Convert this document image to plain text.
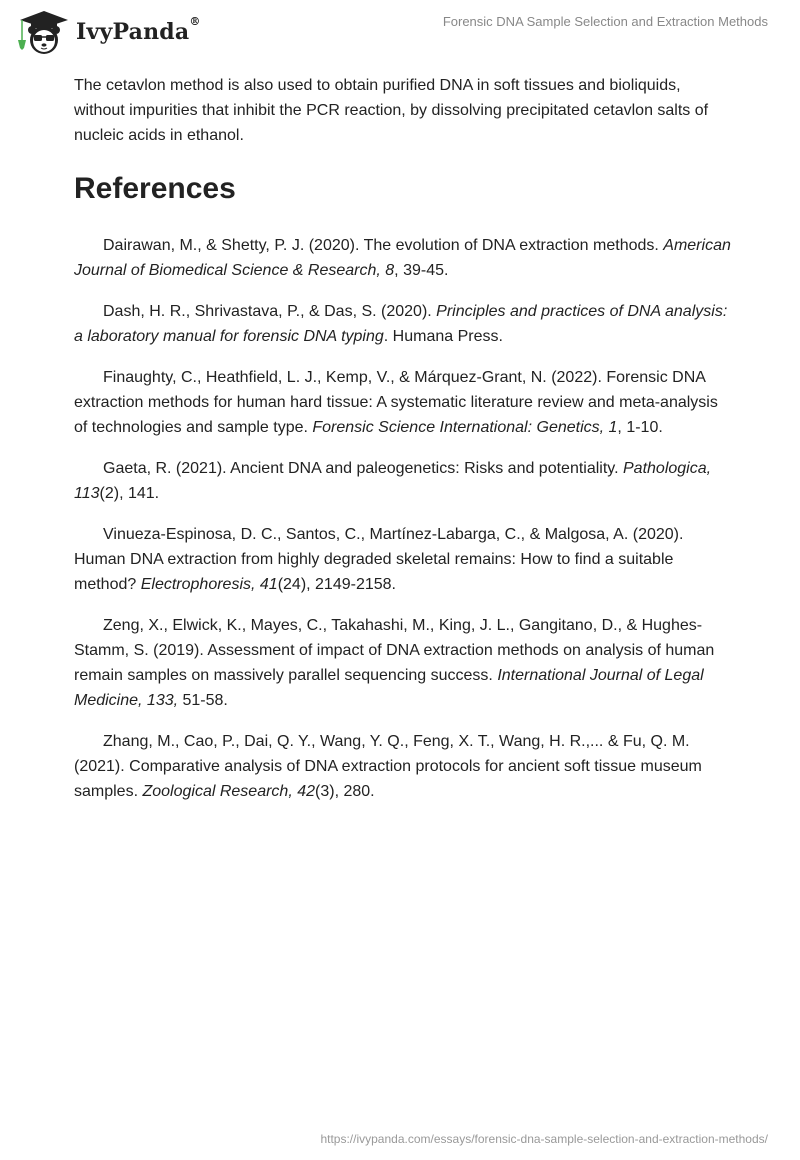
IvyPanda®	Forensic DNA Sample Selection and Extraction Methods

The cetavlon method is also used to obtain purified DNA in soft tissues and bioliquids, without impurities that inhibit the PCR reaction, by dissolving precipitated cetavlon salts of nucleic acids in ethanol.

References

Dairawan, M., & Shetty, P. J. (2020). The evolution of DNA extraction methods. American Journal of Biomedical Science & Research, 8, 39-45.

Dash, H. R., Shrivastava, P., & Das, S. (2020). Principles and practices of DNA analysis: a laboratory manual for forensic DNA typing. Humana Press.

Finaughty, C., Heathfield, L. J., Kemp, V., & Márquez-Grant, N. (2022). Forensic DNA extraction methods for human hard tissue: A systematic literature review and meta-analysis of technologies and sample type. Forensic Science International: Genetics, 1, 1-10.

Gaeta, R. (2021). Ancient DNA and paleogenetics: Risks and potentiality. Pathologica, 113(2), 141.

Vinueza-Espinosa, D. C., Santos, C., Martínez-Labarga, C., & Malgosa, A. (2020). Human DNA extraction from highly degraded skeletal remains: How to find a suitable method? Electrophoresis, 41(24), 2149-2158.

Zeng, X., Elwick, K., Mayes, C., Takahashi, M., King, J. L., Gangitano, D., & Hughes-Stamm, S. (2019). Assessment of impact of DNA extraction methods on analysis of human remain samples on massively parallel sequencing success. International Journal of Legal Medicine, 133, 51-58.

Zhang, M., Cao, P., Dai, Q. Y., Wang, Y. Q., Feng, X. T., Wang, H. R.,... & Fu, Q. M. (2021). Comparative analysis of DNA extraction protocols for ancient soft tissue museum samples. Zoological Research, 42(3), 280.

https://ivypanda.com/essays/forensic-dna-sample-selection-and-extraction-methods/
